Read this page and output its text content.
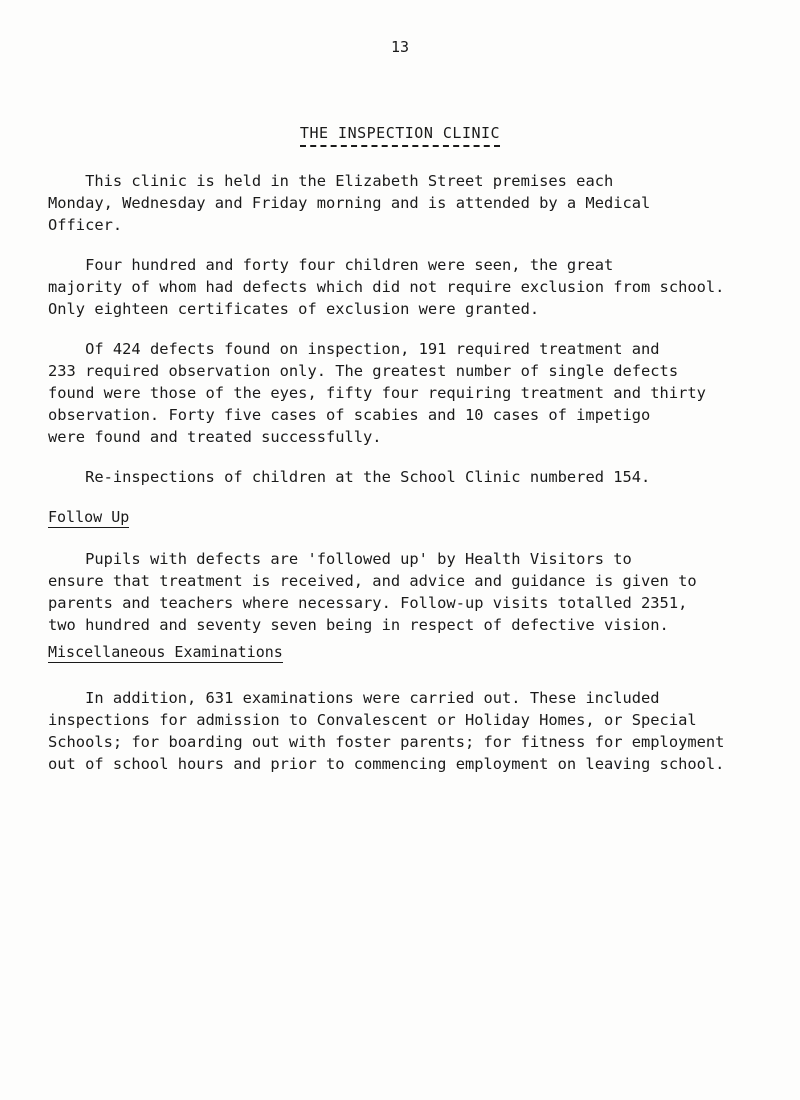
13
THE INSPECTION CLINIC

This clinic is held in the Elizabeth Street premises each
Monday, Wednesday and Friday morning and is attended by a Medical
Officer.

Four hundred and forty four children were seen, the great
majority of whom had defects which did not require exclusion from school.
Only eighteen certificates of exclusion were granted.

Of 424 defects found on inspection, 191 required treatment and
233 required observation only. The greatest number of single defects
found were those of the eyes, fifty four requiring treatment and thirty
observation. Forty five cases of scabies and 10 cases of impetigo
were found and treated successfully.

Re-inspections of children at the School Clinic numbered 154.

Follow Up

Pupils with defects are 'followed up' by Health Visitors to
ensure that treatment is received, and advice and guidance is given to
parents and teachers where necessary. Follow-up visits totalled 2351,
two hundred and seventy seven being in respect of defective vision.

Miscellaneous Examinations

In addition, 631 examinations were carried out. These included
inspections for admission to Convalescent or Holiday Homes, or Special
Schools; for boarding out with foster parents; for fitness for employment
out of school hours and prior to commencing employment on leaving school.
